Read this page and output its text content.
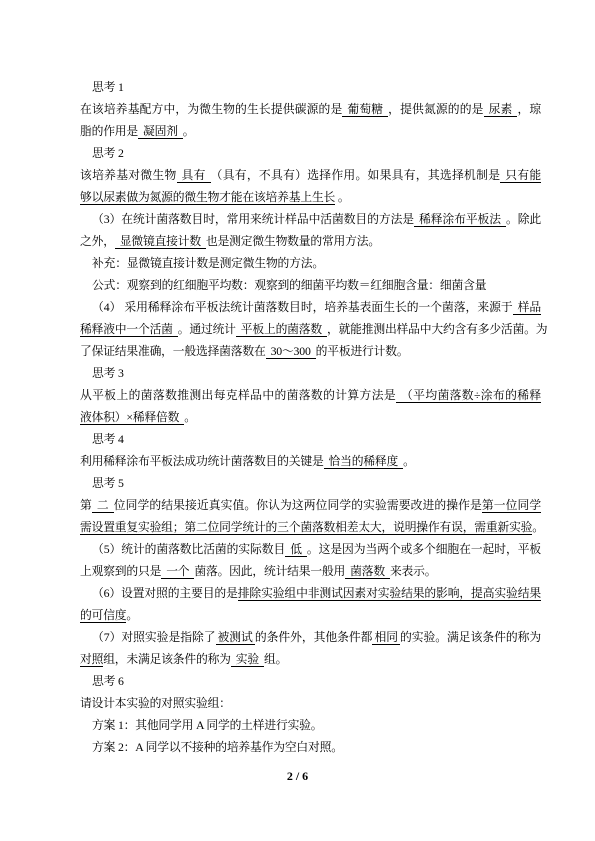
思考 1
在该培养基配方中，为微生物的生长提供碳源的是 葡萄糖 ，提供氮源的的是 尿素 ，琼
脂的作用是 凝固剂 。
思考 2
该培养基对微生物 具有 （具有，不具有）选择作用。如果具有，其选择机制是 只有能
够以尿素做为氮源的微生物才能在该培养基上生长 。
（3）在统计菌落数目时，常用来统计样品中活菌数目的方法是 稀释涂布平板法 。除此
之外， 显微镜直接计数 也是测定微生物数量的常用方法。
补充：显微镜直接计数是测定微生物的方法。
公式：观察到的红细胞平均数：观察到的细菌平均数＝红细胞含量：细菌含量
（4） 采用稀释涂布平板法统计菌落数目时，培养基表面生长的一个菌落，来源于 样品
稀释液中一个活菌 。通过统计 平板上的菌落数 ，就能推测出样品中大约含有多少活菌。为
了保证结果准确，一般选择菌落数在 30～300 的平板进行计数。
思考 3
从平板上的菌落数推测出每克样品中的菌落数的计算方法是 （平均菌落数÷涂布的稀释
液体积）×稀释倍数 。
思考 4
利用稀释涂布平板法成功统计菌落数目的关键是 恰当的稀释度 。
思考 5
第 二 位同学的结果接近真实值。你认为这两位同学的实验需要改进的操作是第一位同学
需设置重复实验组；第二位同学统计的三个菌落数相差太大，说明操作有误，需重新实验。
（5）统计的菌落数比活菌的实际数目 低 。这是因为当两个或多个细胞在一起时，平板
上观察到的只是 一个 菌落。因此，统计结果一般用 菌落数 来表示。
（6）设置对照的主要目的是排除实验组中非测试因素对实验结果的影响，提高实验结果
的可信度。
（7）对照实验是指除了 被测试 的条件外，其他条件都 相同 的实验。满足该条件的称为
对照组，未满足该条件的称为 实验 组。
思考 6
请设计本实验的对照实验组：
方案 1：其他同学用 A 同学的土样进行实验。
方案 2：A 同学以不接种的培养基作为空白对照。
2 / 6
